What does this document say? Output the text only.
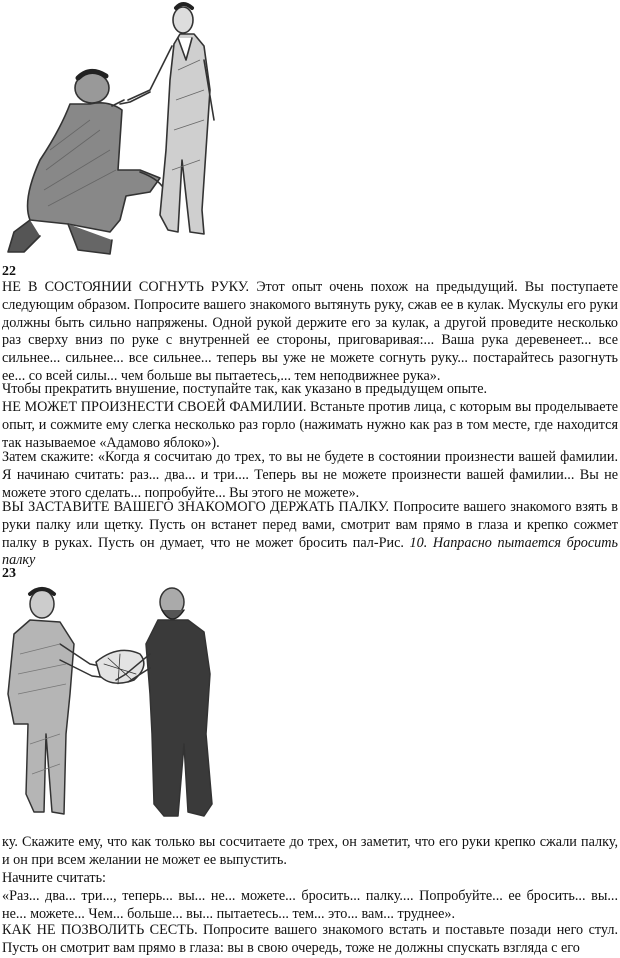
22
НЕ В СОСТОЯНИИ СОГНУТЬ РУКУ. Этот опыт очень похож на предыдущий. Вы поступаете следующим образом. Попросите вашего знакомого вытянуть руку, сжав ее в кулак. Мускулы его руки должны быть сильно напряжены. Одной рукой держите его за кулак, а другой проведите несколько раз сверху вниз по руке с внутренней ее стороны, приговаривая:... Ваша рука деревенеет... все сильнее... сильнее... все сильнее... теперь вы уже не можете согнуть руку... постарайтесь разогнуть ее... со всей силы... чем больше вы пытаетесь,... тем неподвижнее рука».
Чтобы прекратить внушение, поступайте так, как указано в предыдущем опыте.
НЕ МОЖЕТ ПРОИЗНЕСТИ СВОЕЙ ФАМИЛИИ. Встаньте против лица, с которым вы проделываете опыт, и сожмите ему слегка несколько раз горло (нажимать нужно как раз в том месте, где находится так называемое «Адамово яблоко»).
Затем скажите: «Когда я сосчитаю до трех, то вы не будете в состоянии произнести вашей фамилии. Я начинаю считать: раз... два... и три.... Теперь вы не можете произнести вашей фамилии... Вы не можете этого сделать... попробуйте... Вы этого не можете».
ВЫ ЗАСТАВИТЕ ВАШЕГО ЗНАКОМОГО ДЕРЖАТЬ ПАЛКУ. Попросите вашего знакомого взять в руки палку или щетку. Пусть он встанет перед вами, смотрит вам прямо в глаза и крепко сожмет палку в руках. Пусть он думает, что не может бросить пал-Рис. 10. Напрасно пытается бросить палку
23
ку. Скажите ему, что как только вы сосчитаете до трех, он заметит, что его руки крепко сжали палку, и он при всем желании не может ее выпустить.
Начните считать:
«Раз... два... три..., теперь... вы... не... можете... бросить... палку.... Попробуйте... ее бросить... вы... не... можете... Чем... больше... вы... пытаетесь... тем... это... вам... труднее».
КАК НЕ ПОЗВОЛИТЬ СЕСТЬ. Попросите вашего знакомого встать и поставьте позади него стул. Пусть он смотрит вам прямо в глаза: вы в свою очередь, тоже не должны спускать взгляда с его
